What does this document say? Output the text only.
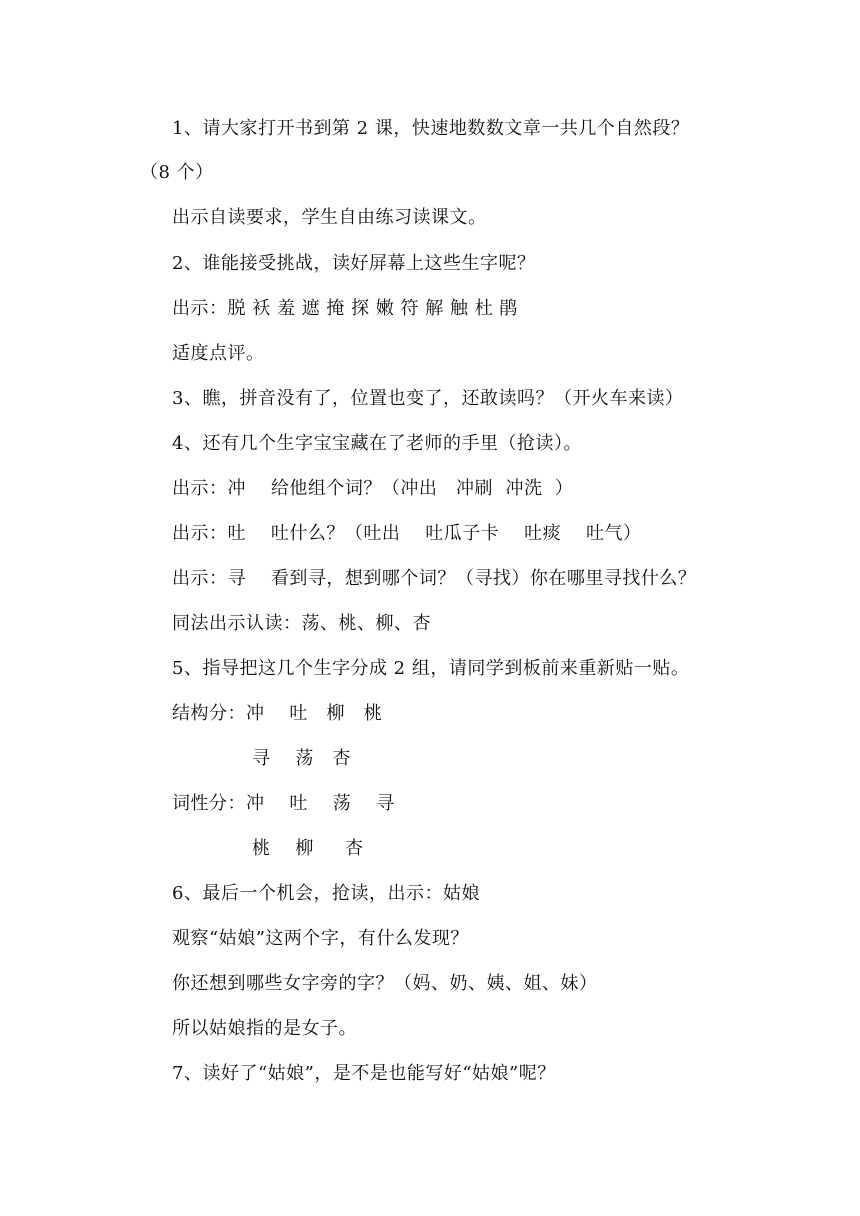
1、请大家打开书到第 2 课，快速地数数文章一共几个自然段？
（8 个）
出示自读要求，学生自由练习读课文。
2、谁能接受挑战，读好屏幕上这些生字呢？
出示：脱 袄 羞 遮 掩 探 嫩 符 解 触 杜 鹃
适度点评。
3、瞧，拼音没有了，位置也变了，还敢读吗？（开火车来读）
4、还有几个生字宝宝藏在了老师的手里（抢读）。
出示：冲    给他组个词？（冲出   冲刷  冲洗  ）
出示：吐    吐什么？（吐出    吐瓜子卡    吐痰    吐气）
出示：寻    看到寻，想到哪个词？（寻找）你在哪里寻找什么？
同法出示认读：荡、桃、柳、杏
5、指导把这几个生字分成 2 组，请同学到板前来重新贴一贴。
结构分：冲    吐   柳   桃
寻    荡   杏
词性分：冲    吐    荡    寻
桃    柳     杏
6、最后一个机会，抢读，出示：姑娘
观察“姑娘”这两个字，有什么发现？
你还想到哪些女字旁的字？（妈、奶、姨、姐、妹）
所以姑娘指的是女子。
7、读好了“姑娘”，是不是也能写好“姑娘”呢？
